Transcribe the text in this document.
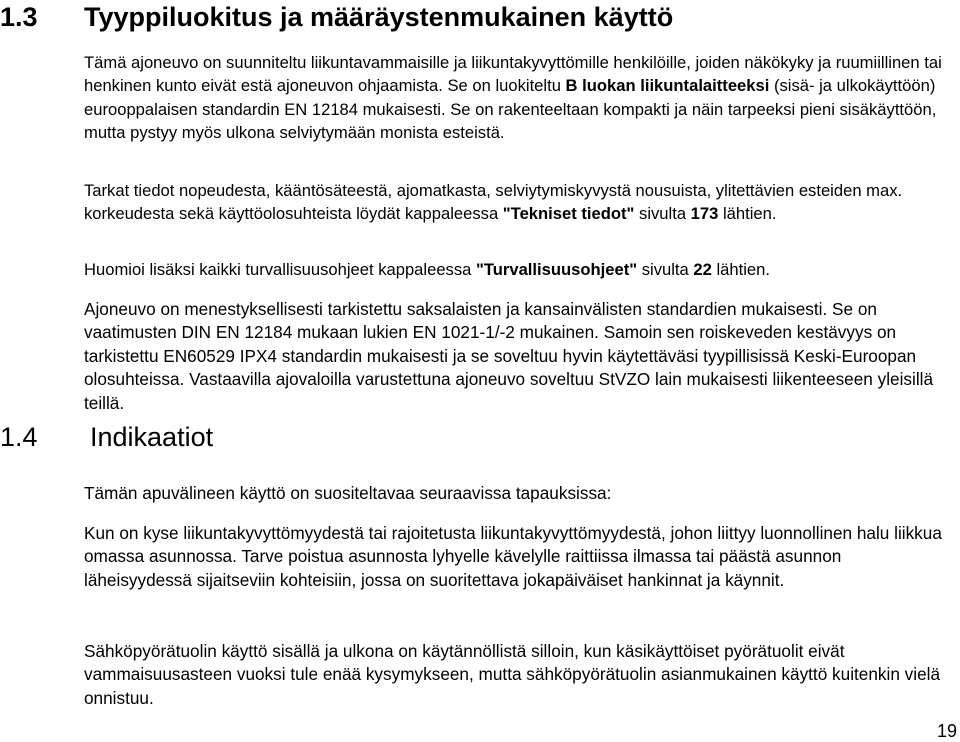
1.3 Tyyppiluokitus ja määräystenmukainen käyttö

Tämä ajoneuvo on suunniteltu liikuntavammaisille ja liikuntakyvyttömille henkilöille, joiden näkökyky ja ruumiillinen tai henkinen kunto eivät estä ajoneuvon ohjaamista. Se on luokiteltu B luokan liikuntalaitteeksi (sisä- ja ulkokäyttöön) eurooppalaisen standardin EN 12184 mukaisesti. Se on rakenteeltaan kompakti ja näin tarpeeksi pieni sisäkäyttöön, mutta pystyy myös ulkona selviytymään monista esteistä.

Tarkat tiedot nopeudesta, kääntösäteestä, ajomatkasta, selviytymiskyvystä nousuista, ylitettävien esteiden max. korkeudesta sekä käyttöolosuhteista löydät kappaleessa "Tekniset tiedot" sivulta 173 lähtien.

Huomioi lisäksi kaikki turvallisuusohjeet kappaleessa "Turvallisuusohjeet" sivulta 22 lähtien.

Ajoneuvo on menestyksellisesti tarkistettu saksalaisten ja kansainvälisten standardien mukaisesti. Se on vaatimusten DIN EN 12184 mukaan lukien EN 1021-1/-2 mukainen. Samoin sen roiskeveden kestävyys on tarkistettu EN60529 IPX4 standardin mukaisesti ja se soveltuu hyvin käytettäväsi tyypillisissä Keski-Euroopan olosuhteissa. Vastaavilla ajovaloilla varustettuna ajoneuvo soveltuu StVZO lain mukaisesti liikenteeseen yleisillä teillä.

1.4 Indikaatiot

Tämän apuvälineen käyttö on suositeltavaa seuraavissa tapauksissa:

Kun on kyse liikuntakyvyttömyydestä tai rajoitetusta liikuntakyvyttömyydestä, johon liittyy luonnollinen halu liikkua omassa asunnossa. Tarve poistua asunnosta lyhyelle kävelylle raittiissa ilmassa tai päästä asunnon läheisyydessä sijaitseviin kohteisiin, jossa on suoritettava jokapäiväiset hankinnat ja käynnit.

Sähköpyörätuolin käyttö sisällä ja ulkona on käytännöllistä silloin, kun käsikäyttöiset pyörätuolit eivät vammaisuusasteen vuoksi tule enää kysymykseen, mutta sähköpyörätuolin asianmukainen käyttö kuitenkin vielä onnistuu.

19
